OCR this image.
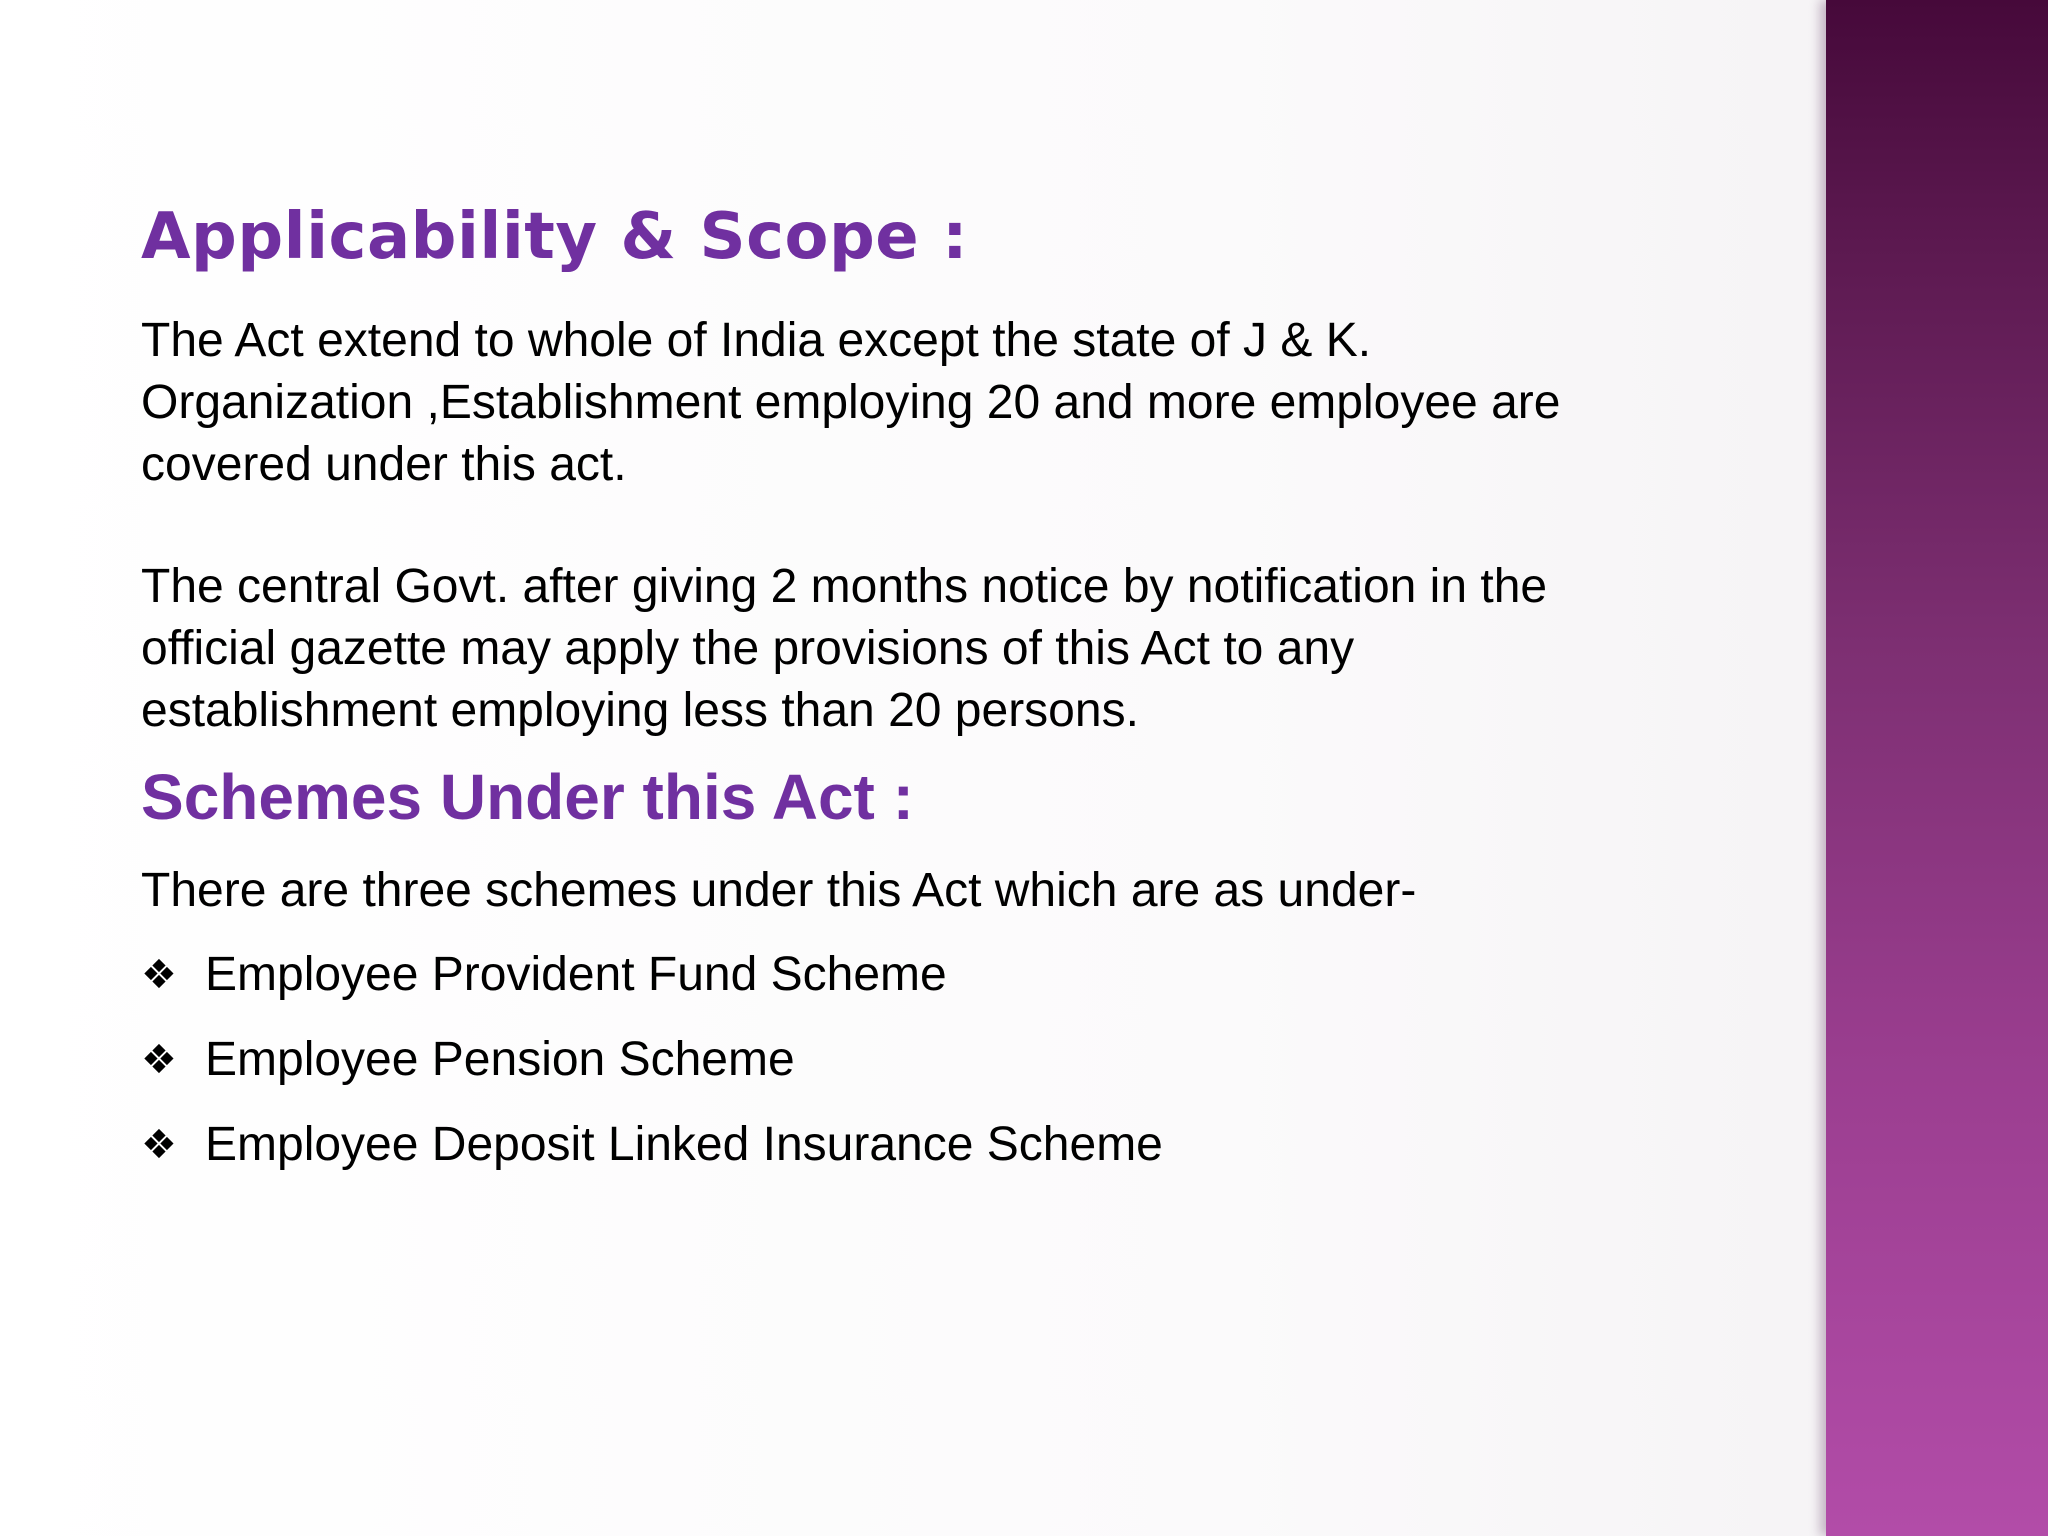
Applicability & Scope :

The Act extend to whole of India except the state of J & K.
Organization ,Establishment employing 20 and more employee are
covered under this act.

The central Govt. after giving 2 months notice by notification in the
official gazette may apply the provisions of this Act to any
establishment employing less than 20 persons.

Schemes Under this Act :

There are three schemes under this Act which are as under-

❖ Employee Provident Fund Scheme
❖ Employee Pension Scheme
❖ Employee Deposit Linked Insurance Scheme
